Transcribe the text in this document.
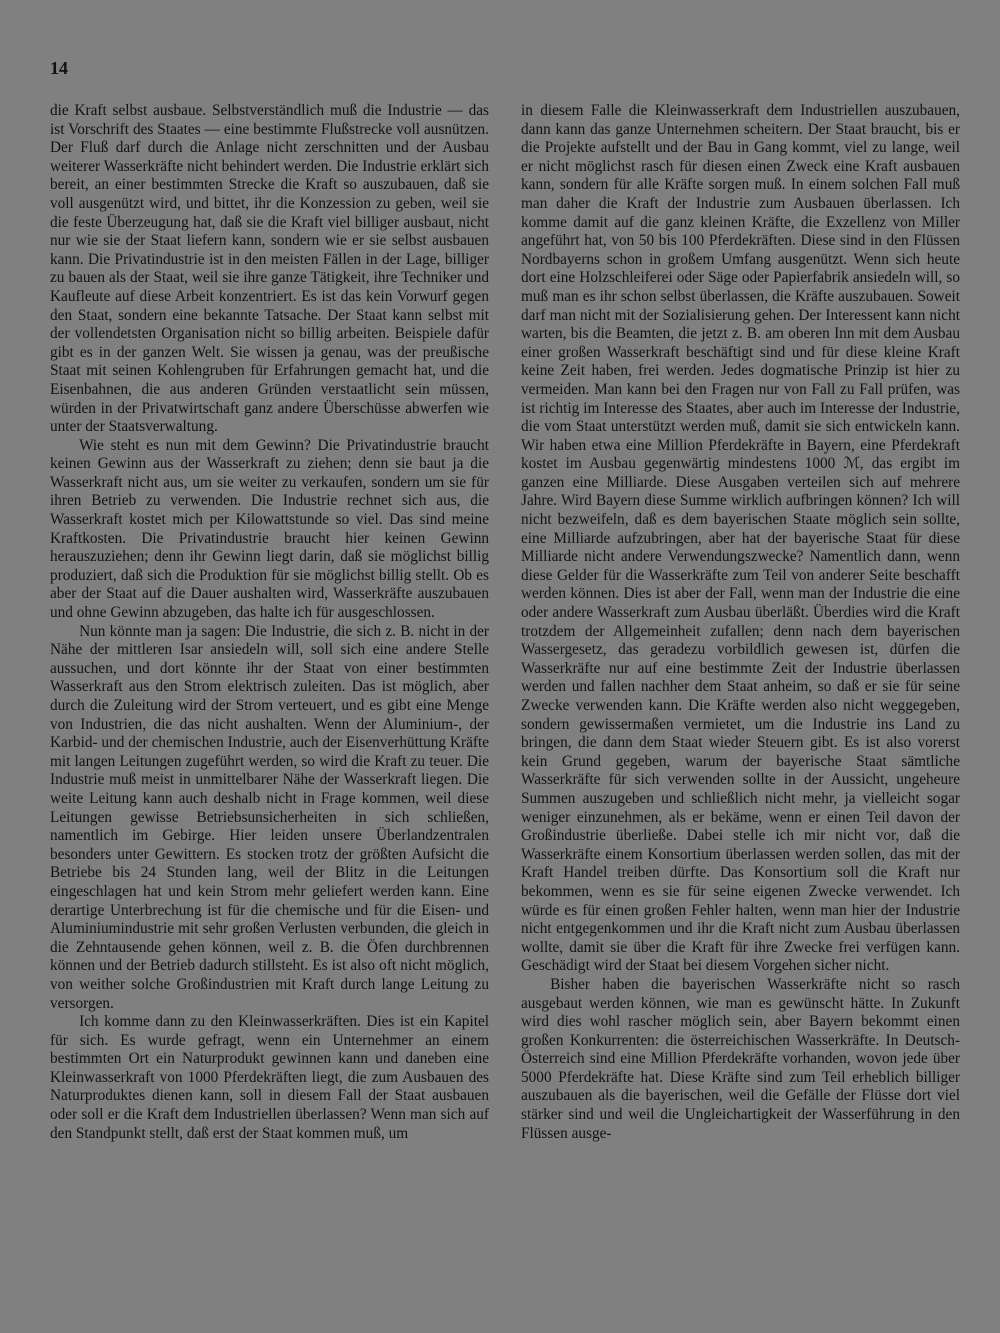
14

die Kraft selbst ausbaue. Selbstverständlich muß die Industrie — das ist Vorschrift des Staates — eine bestimmte Flußstrecke voll ausnützen. Der Fluß darf durch die Anlage nicht zerschnitten und der Ausbau weiterer Wasserkräfte nicht behindert werden. Die Industrie erklärt sich bereit, an einer bestimmten Strecke die Kraft so auszubauen, daß sie voll ausgenützt wird, und bittet, ihr die Konzession zu geben, weil sie die feste Überzeugung hat, daß sie die Kraft viel billiger ausbaut, nicht nur wie sie der Staat liefern kann, sondern wie er sie selbst ausbauen kann. Die Privatindustrie ist in den meisten Fällen in der Lage, billiger zu bauen als der Staat, weil sie ihre ganze Tätigkeit, ihre Techniker und Kaufleute auf diese Arbeit konzentriert. Es ist das kein Vorwurf gegen den Staat, sondern eine bekannte Tatsache. Der Staat kann selbst mit der vollendetsten Organisation nicht so billig arbeiten. Beispiele dafür gibt es in der ganzen Welt. Sie wissen ja genau, was der preußische Staat mit seinen Kohlengruben für Erfahrungen gemacht hat, und die Eisenbahnen, die aus anderen Gründen verstaatlicht sein müssen, würden in der Privatwirtschaft ganz andere Überschüsse abwerfen wie unter der Staatsverwaltung.

Wie steht es nun mit dem Gewinn? Die Privatindustrie braucht keinen Gewinn aus der Wasserkraft zu ziehen; denn sie baut ja die Wasserkraft nicht aus, um sie weiter zu verkaufen, sondern um sie für ihren Betrieb zu verwenden. Die Industrie rechnet sich aus, die Wasserkraft kostet mich per Kilowattstunde so viel. Das sind meine Kraftkosten. Die Privatindustrie braucht hier keinen Gewinn herauszuziehen; denn ihr Gewinn liegt darin, daß sie möglichst billig produziert, daß sich die Produktion für sie möglichst billig stellt. Ob es aber der Staat auf die Dauer aushalten wird, Wasserkräfte auszubauen und ohne Gewinn abzugeben, das halte ich für ausgeschlossen.

Nun könnte man ja sagen: Die Industrie, die sich z. B. nicht in der Nähe der mittleren Isar ansiedeln will, soll sich eine andere Stelle aussuchen, und dort könnte ihr der Staat von einer bestimmten Wasserkraft aus den Strom elektrisch zuleiten. Das ist möglich, aber durch die Zuleitung wird der Strom verteuert, und es gibt eine Menge von Industrien, die das nicht aushalten. Wenn der Aluminium-, der Karbid- und der chemischen Industrie, auch der Eisenverhüttung Kräfte mit langen Leitungen zugeführt werden, so wird die Kraft zu teuer. Die Industrie muß meist in unmittelbarer Nähe der Wasserkraft liegen. Die weite Leitung kann auch deshalb nicht in Frage kommen, weil diese Leitungen gewisse Betriebsunsicherheiten in sich schließen, namentlich im Gebirge. Hier leiden unsere Überlandzentralen besonders unter Gewittern. Es stocken trotz der größten Aufsicht die Betriebe bis 24 Stunden lang, weil der Blitz in die Leitungen eingeschlagen hat und kein Strom mehr geliefert werden kann. Eine derartige Unterbrechung ist für die chemische und für die Eisen- und Aluminiumindustrie mit sehr großen Verlusten verbunden, die gleich in die Zehntausende gehen können, weil z. B. die Öfen durchbrennen können und der Betrieb dadurch stillsteht. Es ist also oft nicht möglich, von weither solche Großindustrien mit Kraft durch lange Leitung zu versorgen.

Ich komme dann zu den Kleinwasserkräften. Dies ist ein Kapitel für sich. Es wurde gefragt, wenn ein Unternehmer an einem bestimmten Ort ein Naturprodukt gewinnen kann und daneben eine Kleinwasserkraft von 1000 Pferdekräften liegt, die zum Ausbauen des Naturproduktes dienen kann, soll in diesem Fall der Staat ausbauen oder soll er die Kraft dem Industriellen überlassen? Wenn man sich auf den Standpunkt stellt, daß erst der Staat kommen muß, um

in diesem Falle die Kleinwasserkraft dem Industriellen auszubauen, dann kann das ganze Unternehmen scheitern. Der Staat braucht, bis er die Projekte aufstellt und der Bau in Gang kommt, viel zu lange, weil er nicht möglichst rasch für diesen einen Zweck eine Kraft ausbauen kann, sondern für alle Kräfte sorgen muß. In einem solchen Fall muß man daher die Kraft der Industrie zum Ausbauen überlassen. Ich komme damit auf die ganz kleinen Kräfte, die Exzellenz von Miller angeführt hat, von 50 bis 100 Pferdekräften. Diese sind in den Flüssen Nordbayerns schon in großem Umfang ausgenützt. Wenn sich heute dort eine Holzschleiferei oder Säge oder Papierfabrik ansiedeln will, so muß man es ihr schon selbst überlassen, die Kräfte auszubauen. Soweit darf man nicht mit der Sozialisierung gehen. Der Interessent kann nicht warten, bis die Beamten, die jetzt z. B. am oberen Inn mit dem Ausbau einer großen Wasserkraft beschäftigt sind und für diese kleine Kraft keine Zeit haben, frei werden. Jedes dogmatische Prinzip ist hier zu vermeiden. Man kann bei den Fragen nur von Fall zu Fall prüfen, was ist richtig im Interesse des Staates, aber auch im Interesse der Industrie, die vom Staat unterstützt werden muß, damit sie sich entwickeln kann. Wir haben etwa eine Million Pferdekräfte in Bayern, eine Pferdekraft kostet im Ausbau gegenwärtig mindestens 1000 ℳ, das ergibt im ganzen eine Milliarde. Diese Ausgaben verteilen sich auf mehrere Jahre. Wird Bayern diese Summe wirklich aufbringen können? Ich will nicht bezweifeln, daß es dem bayerischen Staate möglich sein sollte, eine Milliarde aufzubringen, aber hat der bayerische Staat für diese Milliarde nicht andere Verwendungszwecke? Namentlich dann, wenn diese Gelder für die Wasserkräfte zum Teil von anderer Seite beschafft werden können. Dies ist aber der Fall, wenn man der Industrie die eine oder andere Wasserkraft zum Ausbau überläßt. Überdies wird die Kraft trotzdem der Allgemeinheit zufallen; denn nach dem bayerischen Wassergesetz, das geradezu vorbildlich gewesen ist, dürfen die Wasserkräfte nur auf eine bestimmte Zeit der Industrie überlassen werden und fallen nachher dem Staat anheim, so daß er sie für seine Zwecke verwenden kann. Die Kräfte werden also nicht weggegeben, sondern gewissermaßen vermietet, um die Industrie ins Land zu bringen, die dann dem Staat wieder Steuern gibt. Es ist also vorerst kein Grund gegeben, warum der bayerische Staat sämtliche Wasserkräfte für sich verwenden sollte in der Aussicht, ungeheure Summen auszugeben und schließlich nicht mehr, ja vielleicht sogar weniger einzunehmen, als er bekäme, wenn er einen Teil davon der Großindustrie überließe. Dabei stelle ich mir nicht vor, daß die Wasserkräfte einem Konsortium überlassen werden sollen, das mit der Kraft Handel treiben dürfte. Das Konsortium soll die Kraft nur bekommen, wenn es sie für seine eigenen Zwecke verwendet. Ich würde es für einen großen Fehler halten, wenn man hier der Industrie nicht entgegenkommen und ihr die Kraft nicht zum Ausbau überlassen wollte, damit sie über die Kraft für ihre Zwecke frei verfügen kann. Geschädigt wird der Staat bei diesem Vorgehen sicher nicht.

Bisher haben die bayerischen Wasserkräfte nicht so rasch ausgebaut werden können, wie man es gewünscht hätte. In Zukunft wird dies wohl rascher möglich sein, aber Bayern bekommt einen großen Konkurrenten: die österreichischen Wasserkräfte. In Deutsch-Österreich sind eine Million Pferdekräfte vorhanden, wovon jede über 5000 Pferdekräfte hat. Diese Kräfte sind zum Teil erheblich billiger auszubauen als die bayerischen, weil die Gefälle der Flüsse dort viel stärker sind und weil die Ungleichartigkeit der Wasserführung in den Flüssen ausge-
